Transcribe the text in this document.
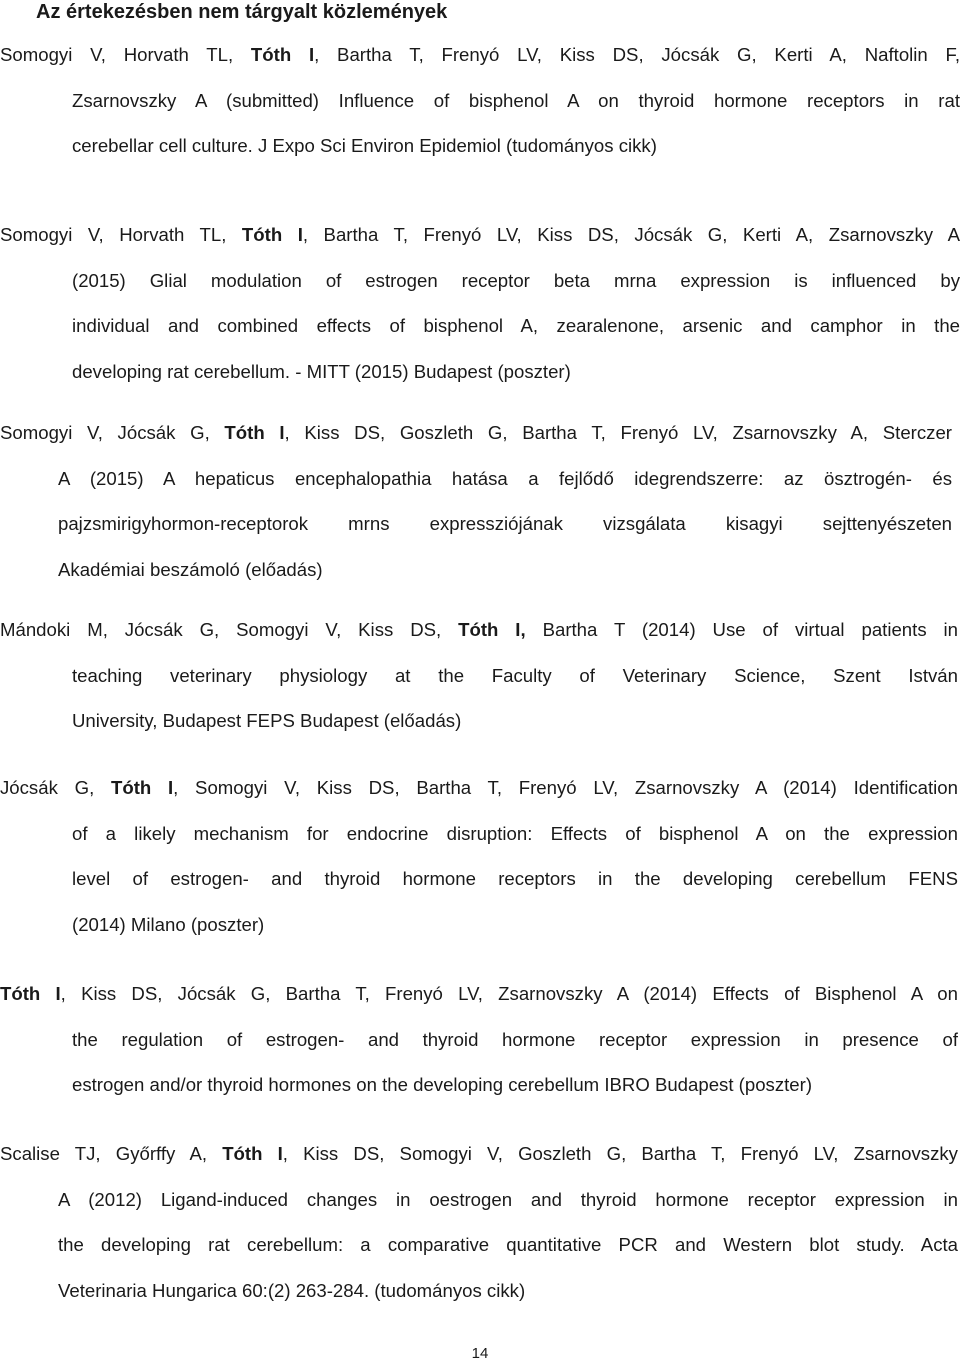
Az értekezésben nem tárgyalt közlemények
Somogyi V, Horvath TL, Tóth I, Bartha T, Frenyó LV, Kiss DS, Jócsák G, Kerti A, Naftolin F,
Zsarnovszky A (submitted) Influence of bisphenol A on thyroid hormone receptors in rat
cerebellar cell culture. J Expo Sci Environ Epidemiol (tudományos cikk)
Somogyi V, Horvath TL, Tóth I, Bartha T, Frenyó LV, Kiss DS, Jócsák G, Kerti A, Zsarnovszky A
(2015) Glial modulation of estrogen receptor beta mrna expression is influenced by
individual and combined effects of bisphenol A, zearalenone, arsenic and camphor in the
developing rat cerebellum. - MITT (2015) Budapest (poszter)
Somogyi V, Jócsák G, Tóth I, Kiss DS, Goszleth G, Bartha T, Frenyó LV, Zsarnovszky A, Sterczer
A (2015) A hepaticus encephalopathia hatása a fejlődő idegrendszerre: az ösztrogén- és
pajzsmirigyhormon-receptorok mrns expressziójának vizsgálata kisagyi sejttenyészeten
Akadémiai beszámoló (előadás)
Mándoki M, Jócsák G, Somogyi V, Kiss DS, Tóth I, Bartha T (2014) Use of virtual patients in
teaching veterinary physiology at the Faculty of Veterinary Science, Szent István
University, Budapest FEPS Budapest (előadás)
Jócsák G, Tóth I, Somogyi V, Kiss DS, Bartha T, Frenyó LV, Zsarnovszky A (2014) Identification
of a likely mechanism for endocrine disruption: Effects of bisphenol A on the expression
level of estrogen- and thyroid hormone receptors in the developing cerebellum FENS
(2014) Milano (poszter)
Tóth I, Kiss DS, Jócsák G, Bartha T, Frenyó LV, Zsarnovszky A (2014) Effects of Bisphenol A on
the regulation of estrogen- and thyroid hormone receptor expression in presence of
estrogen and/or thyroid hormones on the developing cerebellum IBRO Budapest (poszter)
Scalise TJ, Győrffy A, Tóth I, Kiss DS, Somogyi V, Goszleth G, Bartha T, Frenyó LV, Zsarnovszky
A (2012) Ligand-induced changes in oestrogen and thyroid hormone receptor expression in
the developing rat cerebellum: a comparative quantitative PCR and Western blot study. Acta
Veterinaria Hungarica 60:(2) 263-284. (tudományos cikk)
14
